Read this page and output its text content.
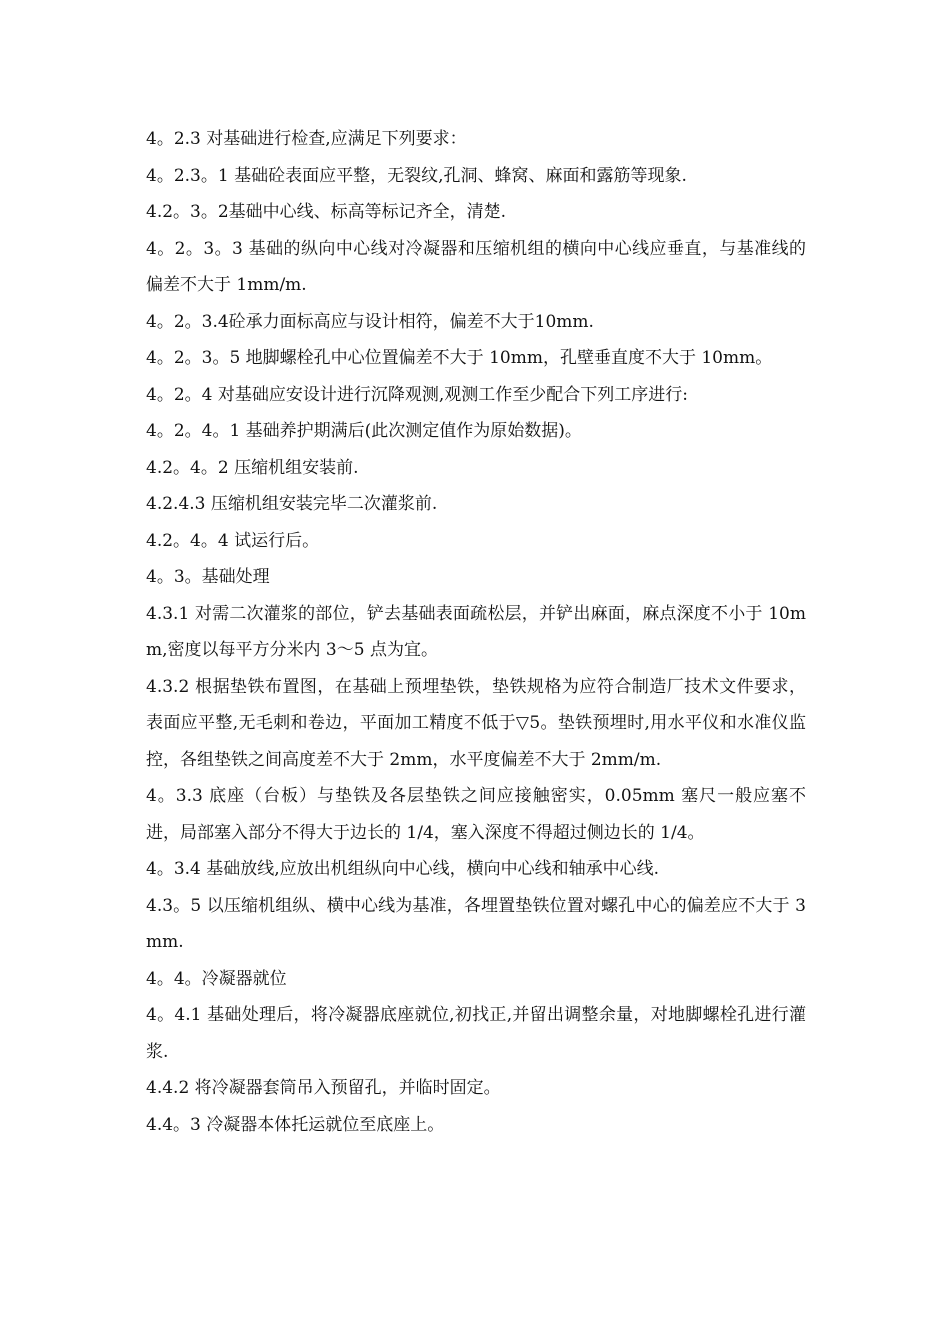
4。2.3 对基础进行检查,应满足下列要求：

4。2.3。1 基础砼表面应平整，无裂纹,孔洞、蜂窝、麻面和露筋等现象.

4.2。3。2基础中心线、标高等标记齐全，清楚.

4。2。3。3 基础的纵向中心线对冷凝器和压缩机组的横向中心线应垂直，与基准线的偏差不大于 1mm/m.

4。2。3.4砼承力面标高应与设计相符，偏差不大于10mm.

4。2。3。5 地脚螺栓孔中心位置偏差不大于 10mm，孔壁垂直度不大于 10mm。

4。2。4 对基础应安设计进行沉降观测,观测工作至少配合下列工序进行:

4。2。4。1 基础养护期满后(此次测定值作为原始数据)。

4.2。4。2 压缩机组安装前.

4.2.4.3 压缩机组安装完毕二次灌浆前.

4.2。4。4 试运行后。

4。3。基础处理

4.3.1 对需二次灌浆的部位，铲去基础表面疏松层，并铲出麻面，麻点深度不小于 10mm,密度以每平方分米内 3～5 点为宜。

4.3.2 根据垫铁布置图，在基础上预埋垫铁，垫铁规格为应符合制造厂技术文件要求，表面应平整,无毛刺和卷边，平面加工精度不低于▽5。垫铁预埋时,用水平仪和水准仪监控，各组垫铁之间高度差不大于 2mm，水平度偏差不大于 2mm/m.

4。3.3 底座（台板）与垫铁及各层垫铁之间应接触密实，0.05mm 塞尺一般应塞不进，局部塞入部分不得大于边长的 1/4，塞入深度不得超过侧边长的 1/4。

4。3.4 基础放线,应放出机组纵向中心线，横向中心线和轴承中心线.

4.3。5 以压缩机组纵、横中心线为基准，各埋置垫铁位置对螺孔中心的偏差应不大于 3mm.

4。4。冷凝器就位

4。4.1 基础处理后，将冷凝器底座就位,初找正,并留出调整余量，对地脚螺栓孔进行灌浆.

4.4.2 将冷凝器套筒吊入预留孔，并临时固定。

4.4。3 冷凝器本体托运就位至底座上。
